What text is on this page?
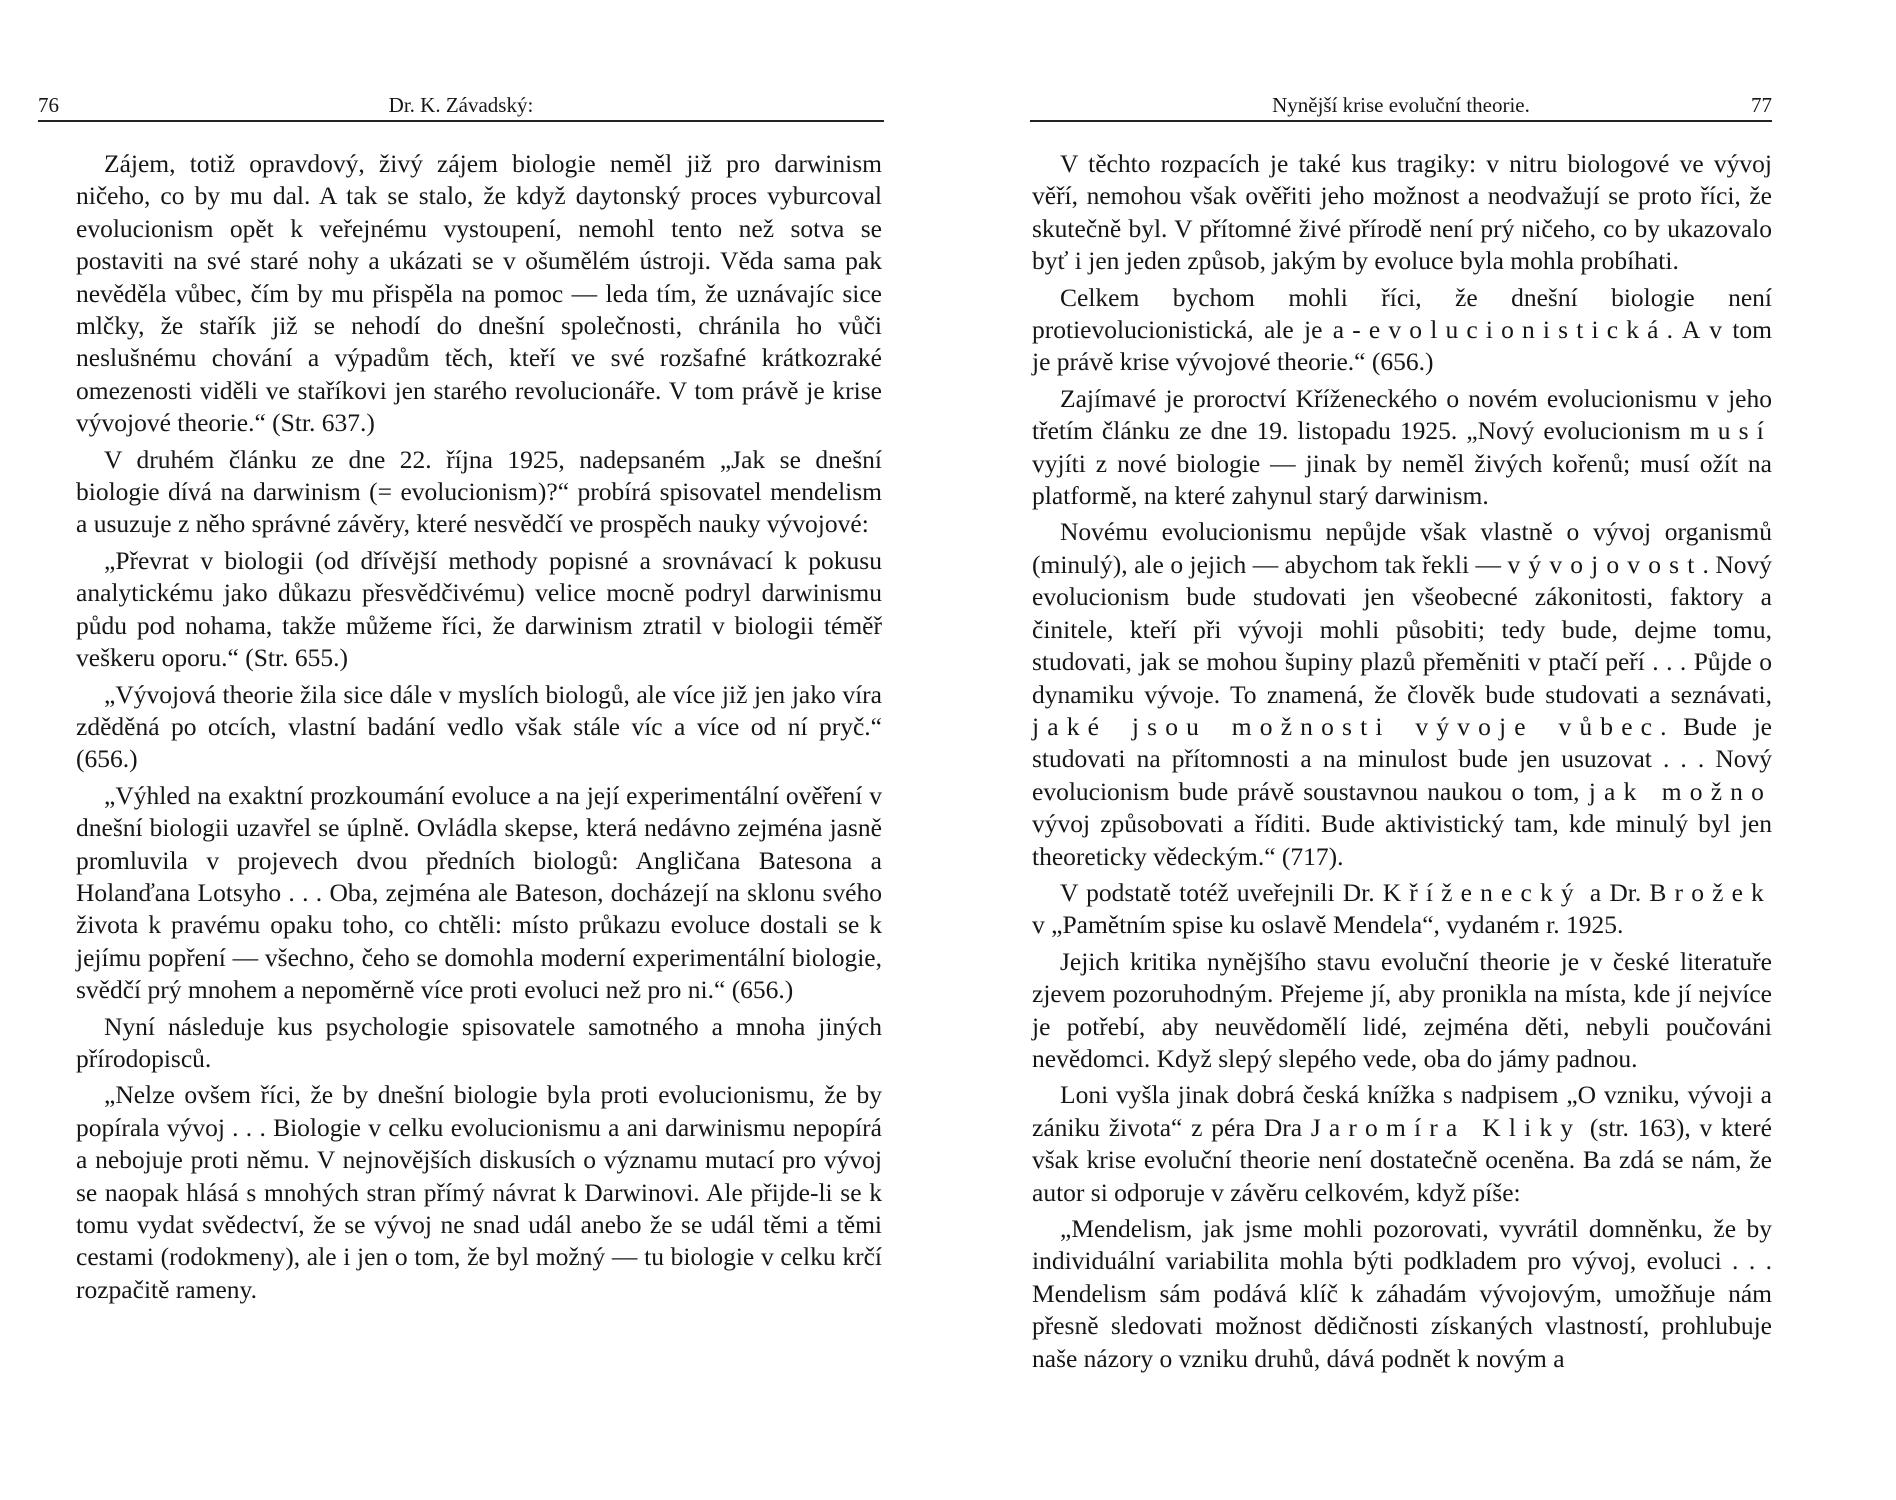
76	Dr. K. Závadský:

Zájem, totiž opravdový, živý zájem biologie neměl již pro darwinism ničeho, co by mu dal. A tak se stalo, že když daytonský proces vyburcoval evolucionism opět k veřejnému vystoupení, nemohl tento než sotva se postaviti na své staré nohy a ukázati se v ošumělém ústroji. Věda sama pak nevěděla vůbec, čím by mu přispěla na pomoc — leda tím, že uznávajíc sice mlčky, že stařík již se nehodí do dnešní společnosti, chránila ho vůči neslušnému chování a výpadům těch, kteří ve své rozšafné krátkozraké omezenosti viděli ve staříkovi jen starého revolucionáře. V tom právě je krise vývojové theorie.“ (Str. 637.)

V druhém článku ze dne 22. října 1925, nadepsaném „Jak se dnešní biologie dívá na darwinism (= evolucionism)?“ probírá spisovatel mendelism a usuzuje z něho správné závěry, které nesvědčí ve prospěch nauky vývojové:

„Převrat v biologii (od dřívější methody popisné a srovnávací k pokusu analytickému jako důkazu přesvědčivému) velice mocně podryl darwinismu půdu pod nohama, takže můžeme říci, že darwinism ztratil v biologii téměř veškeru oporu.“ (Str. 655.)

„Vývojová theorie žila sice dále v myslích biologů, ale více již jen jako víra zděděná po otcích, vlastní badání vedlo však stále víc a více od ní pryč.“ (656.)

„Výhled na exaktní prozkoumání evoluce a na její experimentální ověření v dnešní biologii uzavřel se úplně. Ovládla skepse, která nedávno zejména jasně promluvila v projevech dvou předních biologů: Angličana Batesona a Holanďana Lotsyho . . . Oba, zejména ale Bateson, docházejí na sklonu svého života k pravému opaku toho, co chtěli: místo průkazu evoluce dostali se k jejímu popření — všechno, čeho se domohla moderní experimentální biologie, svědčí prý mnohem a nepoměrně více proti evoluci než pro ni.“ (656.)

Nyní následuje kus psychologie spisovatele samotného a mnoha jiných přírodopisců.

„Nelze ovšem říci, že by dnešní biologie byla proti evolucionismu, že by popírala vývoj . . . Biologie v celku evolucionismu a ani darwinismu nepopírá a nebojuje proti němu. V nejnovějších diskusích o významu mutací pro vývoj se naopak hlásá s mnohých stran přímý návrat k Darwinovi. Ale přijde-li se k tomu vydat svědectví, že se vývoj ne snad udál anebo že se udál těmi a těmi cestami (rodokmeny), ale i jen o tom, že byl možný — tu biologie v celku krčí rozpačitě rameny.

Nynější krise evoluční theorie.	77

V těchto rozpacích je také kus tragiky: v nitru biologové ve vývoj věří, nemohou však ověřiti jeho možnost a neodvažují se proto říci, že skutečně byl. V přítomné živé přírodě není prý ničeho, co by ukazovalo byť i jen jeden způsob, jakým by evoluce byla mohla probíhati.

Celkem bychom mohli říci, že dnešní biologie není protievolucionistická, ale je a-evolucionistická. A v tom je právě krise vývojové theorie.“ (656.)

Zajímavé je proroctví Kříženeckého o novém evolucionismu v jeho třetím článku ze dne 19. listopadu 1925. „Nový evolucionism musí vyjíti z nové biologie — jinak by neměl živých kořenů; musí ožít na platformě, na které zahynul starý darwinism.

Novému evolucionismu nepůjde však vlastně o vývoj organismů (minulý), ale o jejich — abychom tak řekli — vývojovost. Nový evolucionism bude studovati jen všeobecné zákonitosti, faktory a činitele, kteří při vývoji mohli působiti; tedy bude, dejme tomu, studovati, jak se mohou šupiny plazů přeměniti v ptačí peří . . . Půjde o dynamiku vývoje. To znamená, že člověk bude studovati a seznávati, jaké jsou možnosti vývoje vůbec. Bude je studovati na přítomnosti a na minulost bude jen usuzovat . . . Nový evolucionism bude právě soustavnou naukou o tom, jak možno vývoj způsobovati a říditi. Bude aktivistický tam, kde minulý byl jen theoreticky vědeckým.“ (717).

V podstatě totéž uveřejnili Dr. Kříženecký a Dr. Brožek v „Pamětním spise ku oslavě Mendela“, vydaném r. 1925.

Jejich kritika nynějšího stavu evoluční theorie je v české literatuře zjevem pozoruhodným. Přejeme jí, aby pronikla na místa, kde jí nejvíce je potřebí, aby neuvědomělí lidé, zejména děti, nebyli poučováni nevědomci. Když slepý slepého vede, oba do jámy padnou.

Loni vyšla jinak dobrá česká knížka s nadpisem „O vzniku, vývoji a zániku života“ z péra Dra Jaromíra Kliky (str. 163), v které však krise evoluční theorie není dostatečně oceněna. Ba zdá se nám, že autor si odporuje v závěru celkovém, když píše:

„Mendelism, jak jsme mohli pozorovati, vyvrátil domněnku, že by individuální variabilita mohla býti podkladem pro vývoj, evoluci . . . Mendelism sám podává klíč k záhadám vývojovým, umožňuje nám přesně sledovati možnost dědičnosti získaných vlastností, prohlubuje naše názory o vzniku druhů, dává podnět k novým a
